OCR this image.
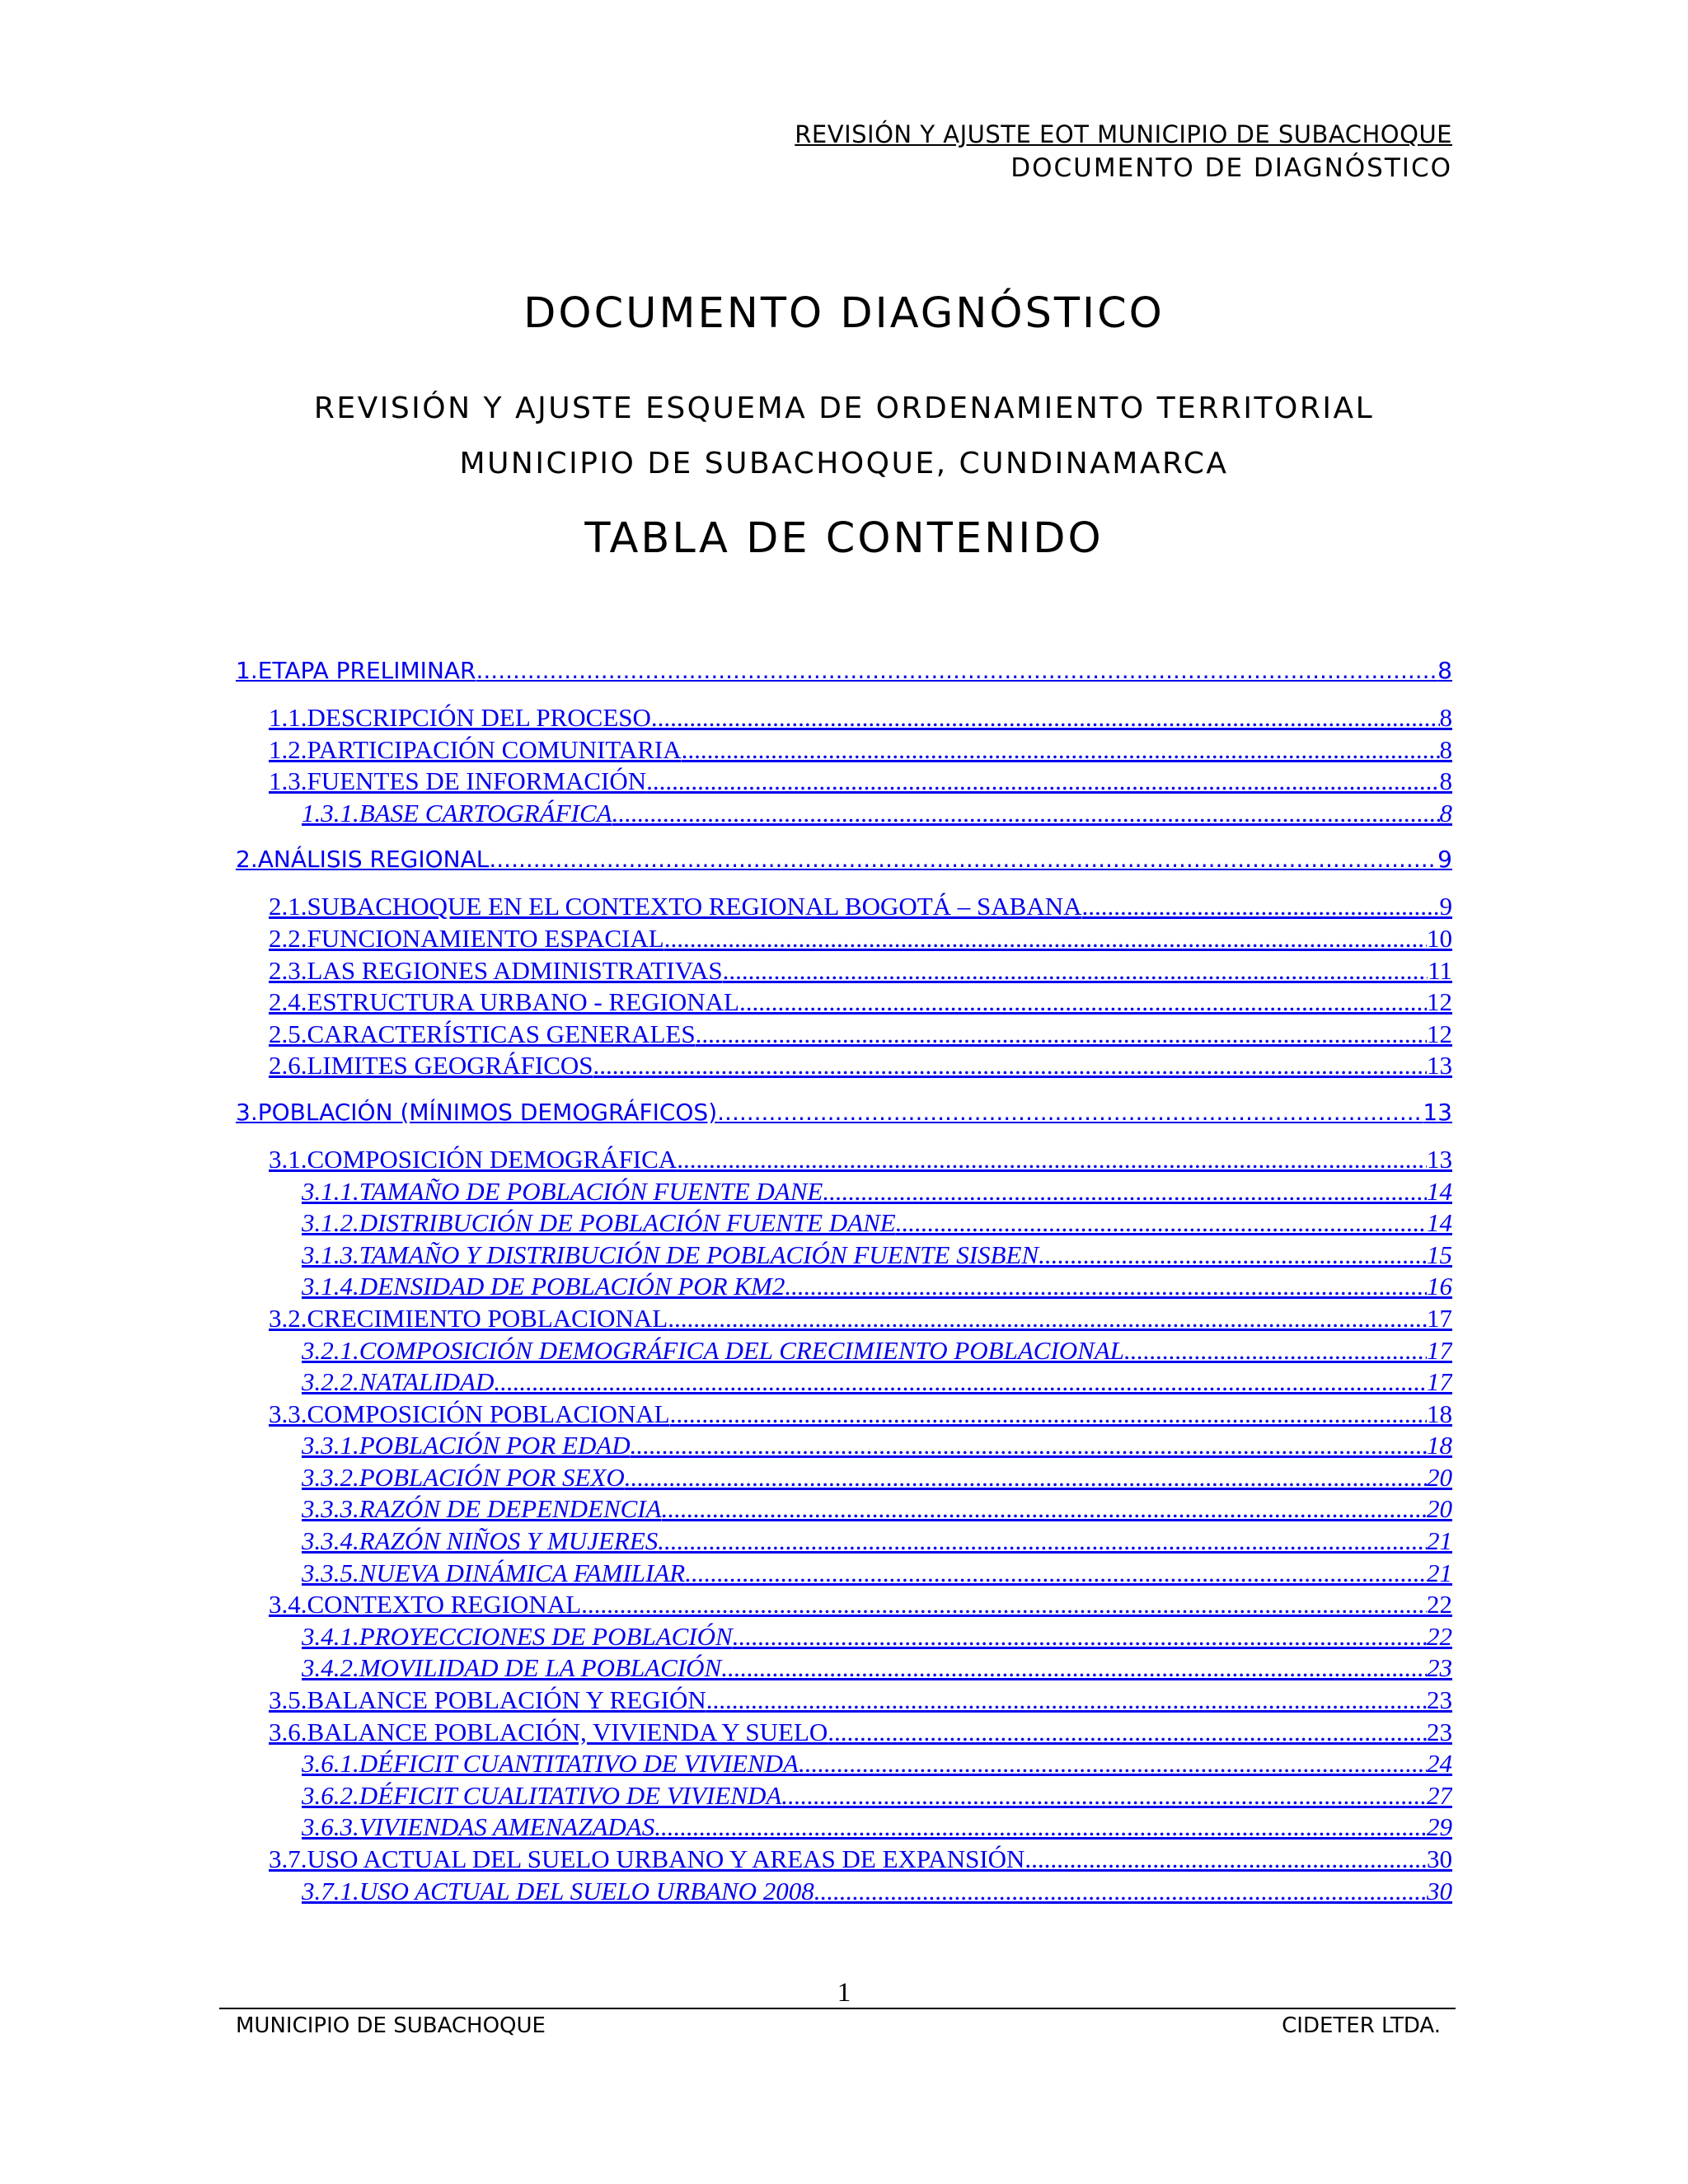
REVISIÓN Y AJUSTE EOT MUNICIPIO DE SUBACHOQUE
DOCUMENTO DE DIAGNÓSTICO
DOCUMENTO DIAGNÓSTICO
REVISIÓN Y AJUSTE ESQUEMA DE ORDENAMIENTO TERRITORIAL
MUNICIPIO DE SUBACHOQUE, CUNDINAMARCA
TABLA DE CONTENIDO
1.ETAPA PRELIMINAR .....	8
1.1.DESCRIPCIÓN DEL PROCESO .....	8
1.2.PARTICIPACIÓN COMUNITARIA .....	8
1.3.FUENTES DE INFORMACIÓN .....	8
1.3.1.BASE CARTOGRÁFICA .....	8
2.ANÁLISIS REGIONAL .....	9
2.1.SUBACHOQUE EN EL CONTEXTO REGIONAL BOGOTÁ – SABANA .....	9
2.2.FUNCIONAMIENTO ESPACIAL .....	10
2.3.LAS REGIONES ADMINISTRATIVAS .....	11
2.4.ESTRUCTURA URBANO - REGIONAL .....	12
2.5.CARACTERÍSTICAS GENERALES .....	12
2.6.LIMITES GEOGRÁFICOS .....	13
3.POBLACIÓN (MÍNIMOS DEMOGRÁFICOS) .....	13
3.1.COMPOSICIÓN DEMOGRÁFICA .....	13
3.1.1.TAMAÑO DE POBLACIÓN FUENTE DANE .....	14
3.1.2.DISTRIBUCIÓN DE POBLACIÓN FUENTE DANE .....	14
3.1.3.TAMAÑO Y DISTRIBUCIÓN DE POBLACIÓN FUENTE SISBEN .....	15
3.1.4.DENSIDAD DE POBLACIÓN POR KM2 .....	16
3.2.CRECIMIENTO POBLACIONAL .....	17
3.2.1.COMPOSICIÓN DEMOGRÁFICA DEL CRECIMIENTO POBLACIONAL .....	17
3.2.2.NATALIDAD .....	17
3.3.COMPOSICIÓN POBLACIONAL .....	18
3.3.1.POBLACIÓN POR EDAD .....	18
3.3.2.POBLACIÓN POR SEXO .....	20
3.3.3.RAZÓN DE DEPENDENCIA .....	20
3.3.4.RAZÓN NIÑOS Y MUJERES .....	21
3.3.5.NUEVA DINÁMICA FAMILIAR .....	21
3.4.CONTEXTO REGIONAL .....	22
3.4.1.PROYECCIONES DE POBLACIÓN .....	22
3.4.2.MOVILIDAD DE LA POBLACIÓN .....	23
3.5.BALANCE POBLACIÓN Y REGIÓN .....	23
3.6.BALANCE POBLACIÓN, VIVIENDA Y SUELO .....	23
3.6.1.DÉFICIT CUANTITATIVO DE VIVIENDA .....	24
3.6.2.DÉFICIT CUALITATIVO DE VIVIENDA .....	27
3.6.3.VIVIENDAS AMENAZADAS .....	29
3.7.USO ACTUAL DEL SUELO URBANO Y AREAS DE EXPANSIÓN .....	30
3.7.1.USO ACTUAL DEL SUELO URBANO 2008 .....	30
1
MUNICIPIO DE SUBACHOQUE	CIDETER LTDA.
